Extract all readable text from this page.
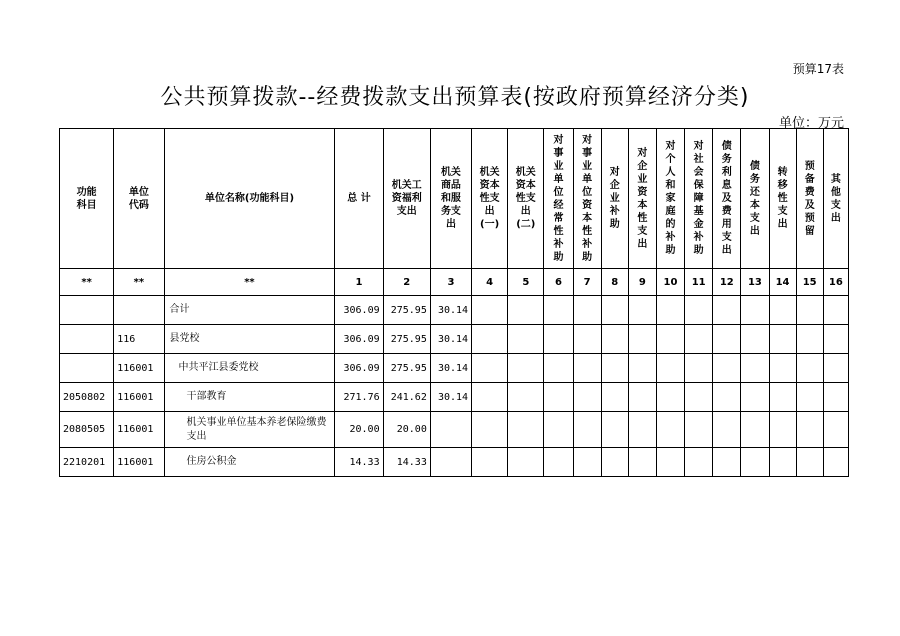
预算17表
公共预算拨款--经费拨款支出预算表(按政府预算经济分类)
单位：万元
功能科目	单位代码	单位名称(功能科目)	总 计	机关工资福利支出	机关商品和服务支出	机关资本性支出(一)	机关资本性支出(二)	对事业单位经常性补助	对事业单位资本性补助	对企业补助	对企业资本性支出	对个人和家庭的补助	对社会保障基金补助	债务利息及费用支出	债务还本支出	转移性支出	预备费及预留	其他支出
**	**	**	1	2	3	4	5	6	7	8	9	10	11	12	13	14	15	16
		合计	306.09	275.95	30.14													
	116	县党校	306.09	275.95	30.14													
	116001	中共平江县委党校	306.09	275.95	30.14													
2050802	116001	干部教育	271.76	241.62	30.14													
2080505	116001	机关事业单位基本养老保险缴费支出	20.00	20.00														
2210201	116001	住房公积金	14.33	14.33														
